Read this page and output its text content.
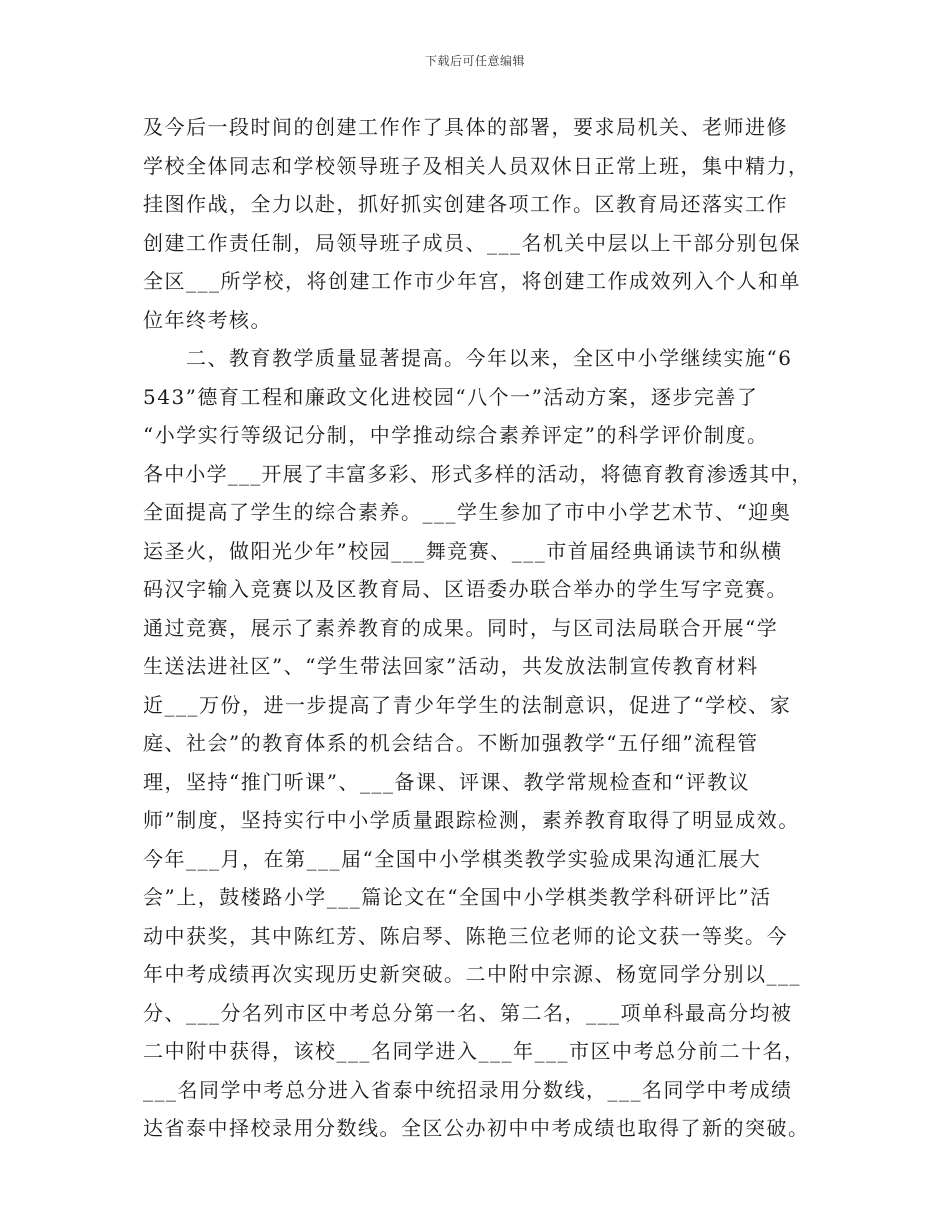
下载后可任意编辑
及今后一段时间的创建工作作了具体的部署，要求局机关、老师进修
学校全体同志和学校领导班子及相关人员双休日正常上班，集中精力，
挂图作战，全力以赴，抓好抓实创建各项工作。区教育局还落实工作
创建工作责任制，局领导班子成员、___名机关中层以上干部分别包保
全区___所学校，将创建工作市少年宫，将创建工作成效列入个人和单
位年终考核。
　　二、教育教学质量显著提高。今年以来，全区中小学继续实施“6
543”德育工程和廉政文化进校园“八个一”活动方案，逐步完善了
“小学实行等级记分制，中学推动综合素养评定”的科学评价制度。
各中小学___开展了丰富多彩、形式多样的活动，将德育教育渗透其中，
全面提高了学生的综合素养。___学生参加了市中小学艺术节、“迎奥
运圣火，做阳光少年”校园___舞竞赛、___市首届经典诵读节和纵横
码汉字输入竞赛以及区教育局、区语委办联合举办的学生写字竞赛。
通过竞赛，展示了素养教育的成果。同时，与区司法局联合开展“学
生送法进社区”、“学生带法回家”活动，共发放法制宣传教育材料
近___万份，进一步提高了青少年学生的法制意识，促进了“学校、家
庭、社会”的教育体系的机会结合。不断加强教学“五仔细”流程管
理，坚持“推门听课”、___备课、评课、教学常规检查和“评教议
师”制度，坚持实行中小学质量跟踪检测，素养教育取得了明显成效。
今年___月，在第___届“全国中小学棋类教学实验成果沟通汇展大
会”上，鼓楼路小学___篇论文在“全国中小学棋类教学科研评比”活
动中获奖，其中陈红芳、陈启琴、陈艳三位老师的论文获一等奖。今
年中考成绩再次实现历史新突破。二中附中宗源、杨宽同学分别以___
分、___分名列市区中考总分第一名、第二名，___项单科最高分均被
二中附中获得，该校___名同学进入___年___市区中考总分前二十名，
___名同学中考总分进入省泰中统招录用分数线，___名同学中考成绩
达省泰中择校录用分数线。全区公办初中中考成绩也取得了新的突破。
